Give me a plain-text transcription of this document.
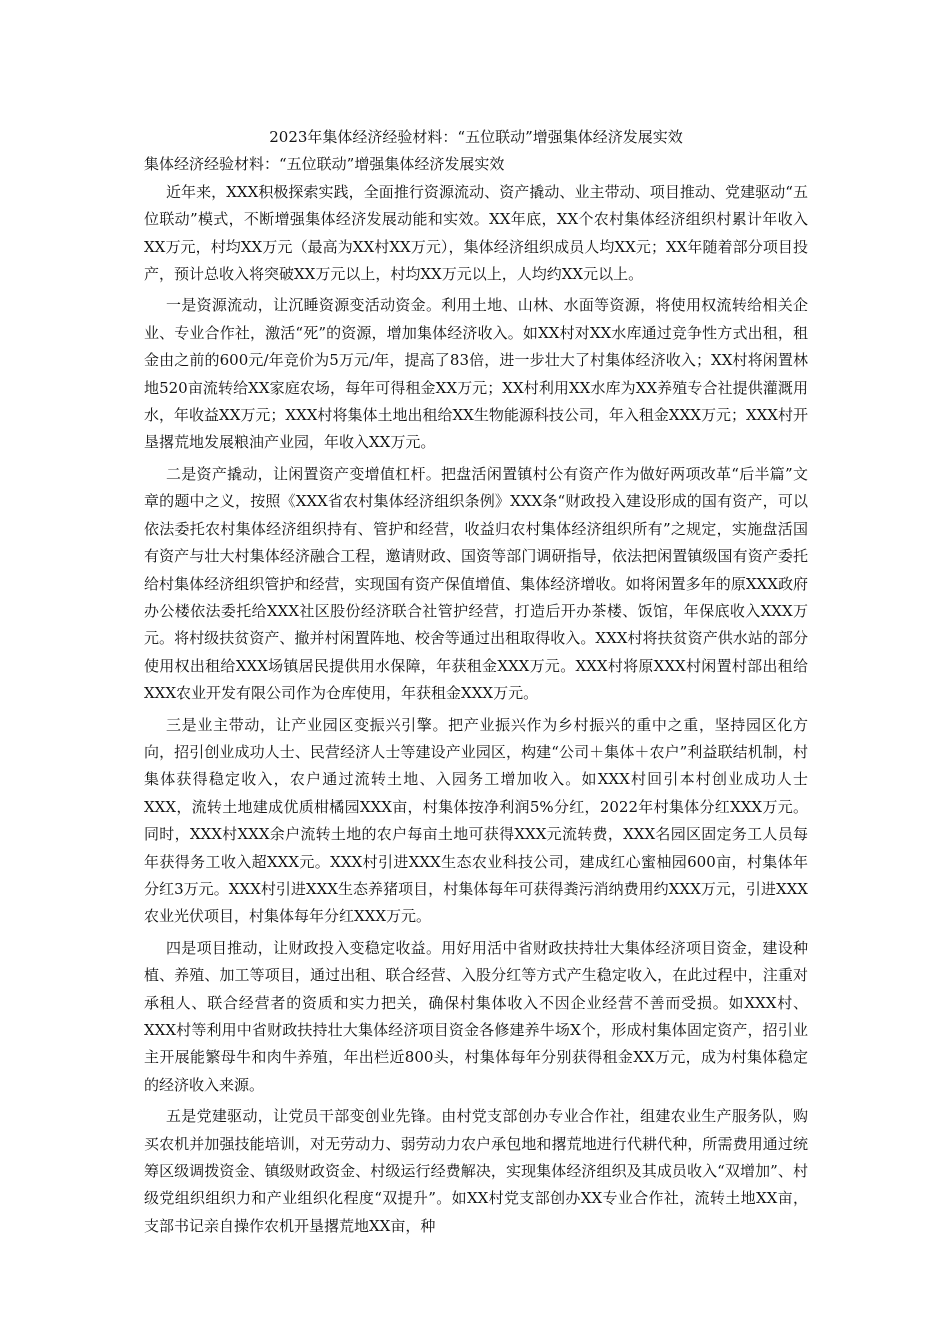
2023年集体经济经验材料：“五位联动”增强集体经济发展实效

集体经济经验材料：“五位联动”增强集体经济发展实效

近年来，XXX积极探索实践，全面推行资源流动、资产撬动、业主带动、项目推动、党建驱动“五位联动”模式，不断增强集体经济发展动能和实效。XX年底，XX个农村集体经济组织村累计年收入XX万元，村均XX万元（最高为XX村XX万元），集体经济组织成员人均XX元；XX年随着部分项目投产，预计总收入将突破XX万元以上，村均XX万元以上，人均约XX元以上。

一是资源流动，让沉睡资源变活动资金。利用土地、山林、水面等资源，将使用权流转给相关企业、专业合作社，激活“死”的资源，增加集体经济收入。如XX村对XX水库通过竞争性方式出租，租金由之前的600元/年竞价为5万元/年，提高了83倍，进一步壮大了村集体经济收入；XX村将闲置林地520亩流转给XX家庭农场，每年可得租金XX万元；XX村利用XX水库为XX养殖专合社提供灌溉用水，年收益XX万元；XXX村将集体土地出租给XX生物能源科技公司，年入租金XXX万元；XXX村开垦撂荒地发展粮油产业园，年收入XX万元。

二是资产撬动，让闲置资产变增值杠杆。把盘活闲置镇村公有资产作为做好两项改革“后半篇”文章的题中之义，按照《XXX省农村集体经济组织条例》XXX条“财政投入建设形成的国有资产，可以依法委托农村集体经济组织持有、管护和经营，收益归农村集体经济组织所有”之规定，实施盘活国有资产与壮大村集体经济融合工程，邀请财政、国资等部门调研指导，依法把闲置镇级国有资产委托给村集体经济组织管护和经营，实现国有资产保值增值、集体经济增收。如将闲置多年的原XXX政府办公楼依法委托给XXX社区股份经济联合社管护经营，打造后开办茶楼、饭馆，年保底收入XXX万元。将村级扶贫资产、撤并村闲置阵地、校舍等通过出租取得收入。XXX村将扶贫资产供水站的部分使用权出租给XXX场镇居民提供用水保障，年获租金XXX万元。XXX村将原XXX村闲置村部出租给XXX农业开发有限公司作为仓库使用，年获租金XXX万元。

三是业主带动，让产业园区变振兴引擎。把产业振兴作为乡村振兴的重中之重，坚持园区化方向，招引创业成功人士、民营经济人士等建设产业园区，构建“公司＋集体＋农户”利益联结机制，村集体获得稳定收入，农户通过流转土地、入园务工增加收入。如XXX村回引本村创业成功人士XXX，流转土地建成优质柑橘园XXX亩，村集体按净利润5%分红，2022年村集体分红XXX万元。同时，XXX村XXX余户流转土地的农户每亩土地可获得XXX元流转费，XXX名园区固定务工人员每年获得务工收入超XXX元。XXX村引进XXX生态农业科技公司，建成红心蜜柚园600亩，村集体年分红3万元。XXX村引进XXX生态养猪项目，村集体每年可获得粪污消纳费用约XXX万元，引进XXX农业光伏项目，村集体每年分红XXX万元。

四是项目推动，让财政投入变稳定收益。用好用活中省财政扶持壮大集体经济项目资金，建设种植、养殖、加工等项目，通过出租、联合经营、入股分红等方式产生稳定收入，在此过程中，注重对承租人、联合经营者的资质和实力把关，确保村集体收入不因企业经营不善而受损。如XXX村、XXX村等利用中省财政扶持壮大集体经济项目资金各修建养牛场X个，形成村集体固定资产，招引业主开展能繁母牛和肉牛养殖，年出栏近800头，村集体每年分别获得租金XX万元，成为村集体稳定的经济收入来源。

五是党建驱动，让党员干部变创业先锋。由村党支部创办专业合作社，组建农业生产服务队，购买农机并加强技能培训，对无劳动力、弱劳动力农户承包地和撂荒地进行代耕代种，所需费用通过统筹区级调拨资金、镇级财政资金、村级运行经费解决，实现集体经济组织及其成员收入“双增加”、村级党组织组织力和产业组织化程度“双提升”。如XX村党支部创办XX专业合作社，流转土地XX亩，支部书记亲自操作农机开垦撂荒地XX亩，种
